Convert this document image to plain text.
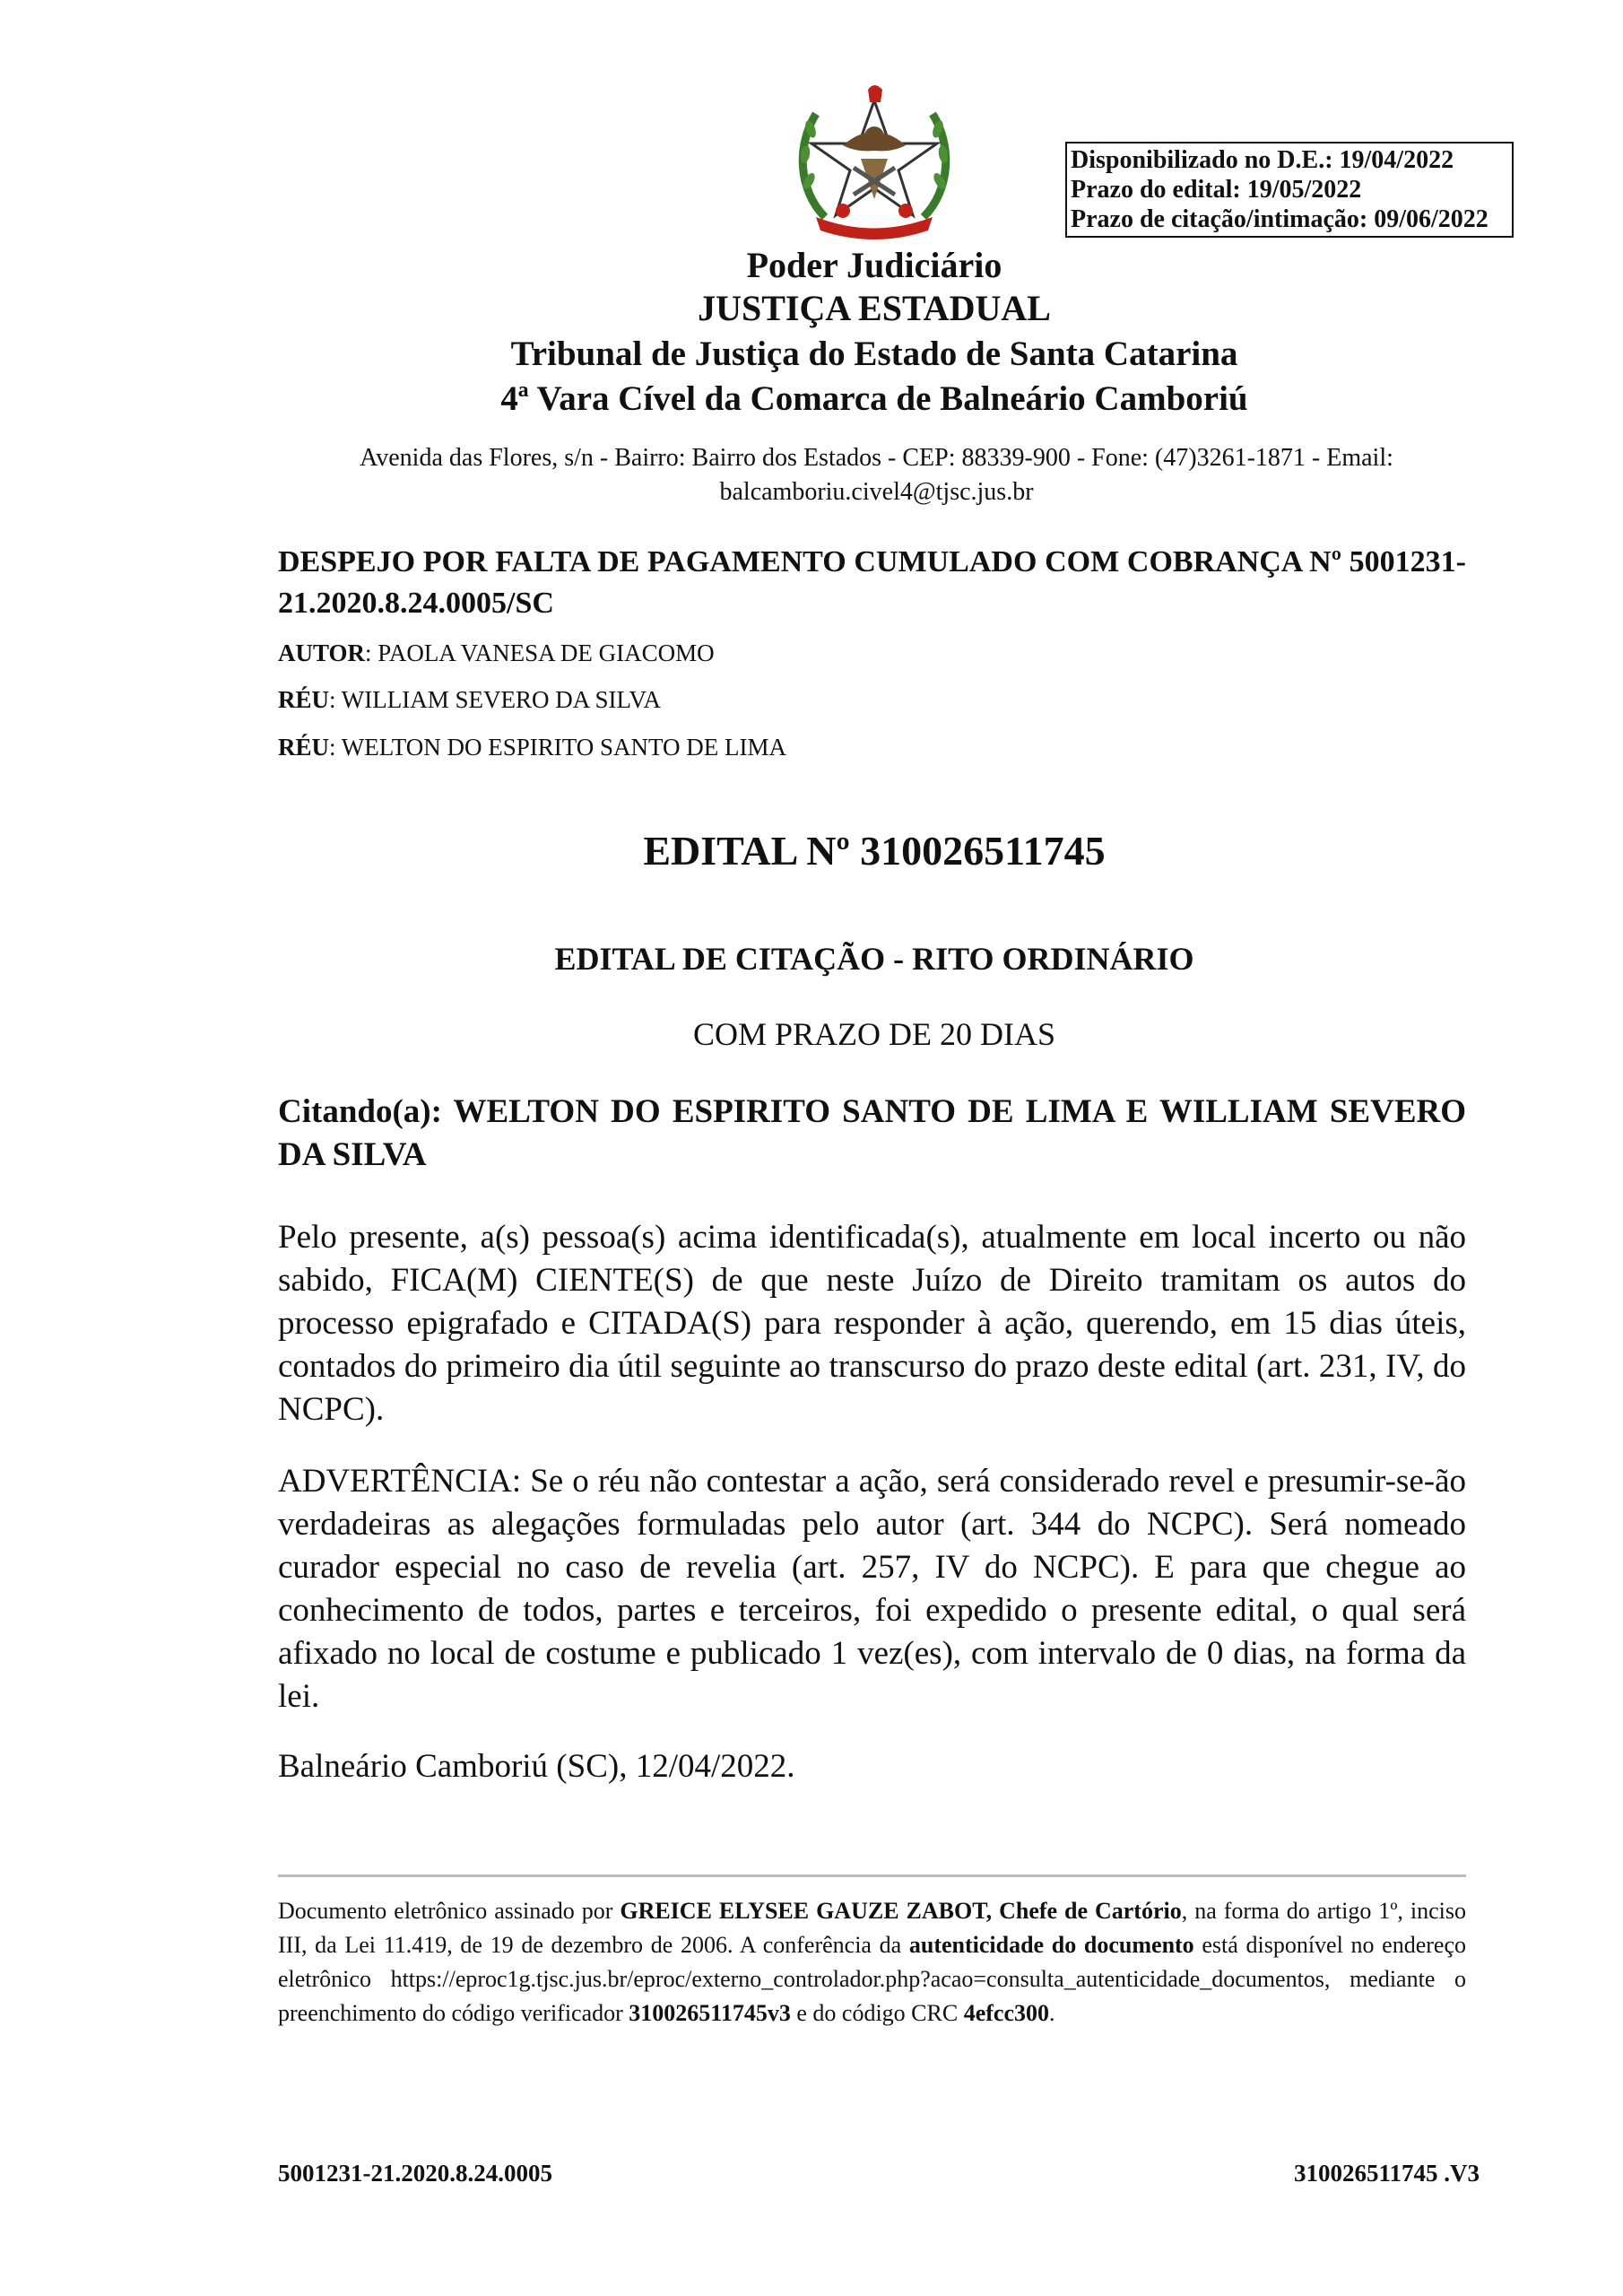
Disponibilizado no D.E.: 19/04/2022
Prazo do edital: 19/05/2022
Prazo de citação/intimação: 09/06/2022
Poder Judiciário
JUSTIÇA ESTADUAL
Tribunal de Justiça do Estado de Santa Catarina
4ª Vara Cível da Comarca de Balneário Camboriú
Avenida das Flores, s/n - Bairro: Bairro dos Estados - CEP: 88339-900 - Fone: (47)3261-1871 - Email:
balcamboriu.civel4@tjsc.jus.br
DESPEJO POR FALTA DE PAGAMENTO CUMULADO COM COBRANÇA Nº 5001231-21.2020.8.24.0005/SC
AUTOR: PAOLA VANESA DE GIACOMO
RÉU: WILLIAM SEVERO DA SILVA
RÉU: WELTON DO ESPIRITO SANTO DE LIMA
EDITAL Nº 310026511745
EDITAL DE CITAÇÃO - RITO ORDINÁRIO
COM PRAZO DE 20 DIAS
Citando(a): WELTON DO ESPIRITO SANTO DE LIMA E WILLIAM SEVERO DA SILVA
Pelo presente, a(s) pessoa(s) acima identificada(s), atualmente em local incerto ou não sabido, FICA(M) CIENTE(S) de que neste Juízo de Direito tramitam os autos do processo epigrafado e CITADA(S) para responder à ação, querendo, em 15 dias úteis, contados do primeiro dia útil seguinte ao transcurso do prazo deste edital (art. 231, IV, do NCPC).
ADVERTÊNCIA: Se o réu não contestar a ação, será considerado revel e presumir-se-ão verdadeiras as alegações formuladas pelo autor (art. 344 do NCPC). Será nomeado curador especial no caso de revelia (art. 257, IV do NCPC). E para que chegue ao conhecimento de todos, partes e terceiros, foi expedido o presente edital, o qual será afixado no local de costume e publicado 1 vez(es), com intervalo de 0 dias, na forma da lei.
Balneário Camboriú (SC), 12/04/2022.
Documento eletrônico assinado por GREICE ELYSEE GAUZE ZABOT, Chefe de Cartório, na forma do artigo 1º, inciso III, da Lei 11.419, de 19 de dezembro de 2006. A conferência da autenticidade do documento está disponível no endereço eletrônico https://eproc1g.tjsc.jus.br/eproc/externo_controlador.php?acao=consulta_autenticidade_documentos, mediante o preenchimento do código verificador 310026511745v3 e do código CRC 4efcc300.
5001231-21.2020.8.24.0005	310026511745 .V3
